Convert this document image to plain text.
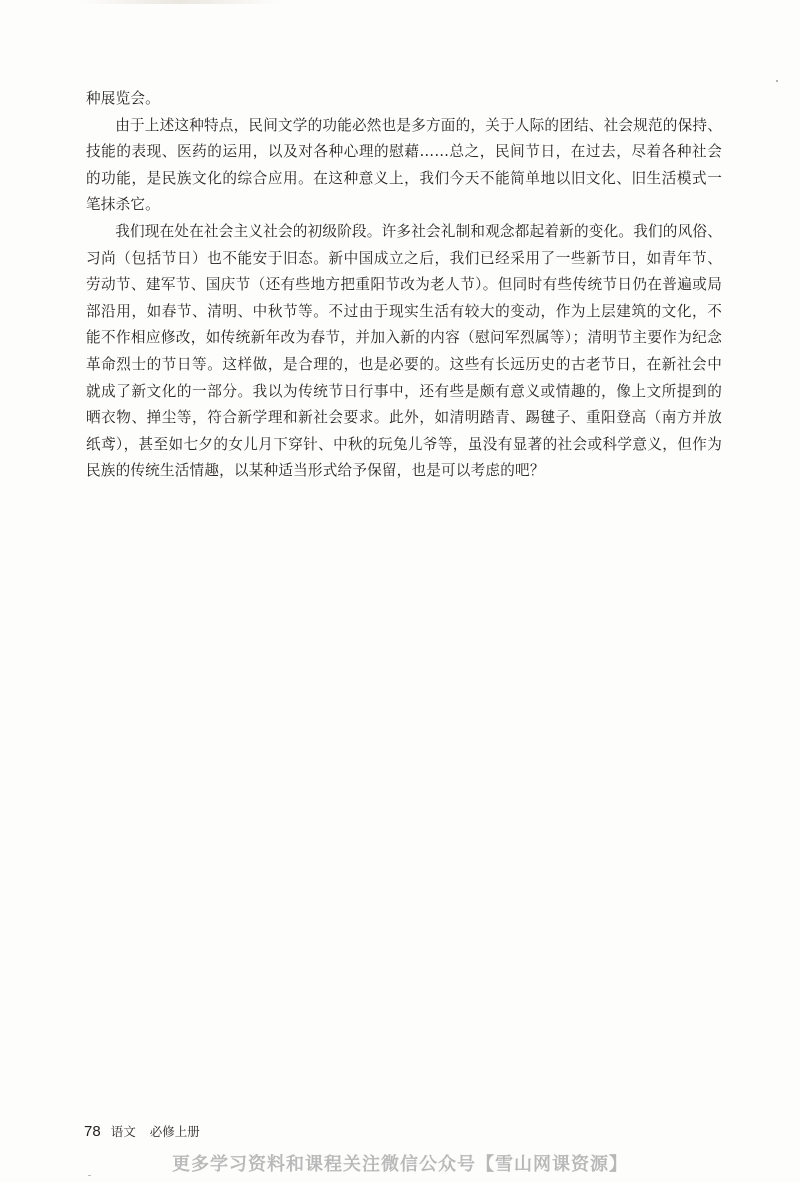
种展览会。

由于上述这种特点，民间文学的功能必然也是多方面的，关于人际的团结、社会规范的保持、技能的表现、医药的运用，以及对各种心理的慰藉……总之，民间节日，在过去，尽着各种社会的功能，是民族文化的综合应用。在这种意义上，我们今天不能简单地以旧文化、旧生活模式一笔抹杀它。

我们现在处在社会主义社会的初级阶段。许多社会礼制和观念都起着新的变化。我们的风俗、习尚（包括节日）也不能安于旧态。新中国成立之后，我们已经采用了一些新节日，如青年节、劳动节、建军节、国庆节（还有些地方把重阳节改为老人节）。但同时有些传统节日仍在普遍或局部沿用，如春节、清明、中秋节等。不过由于现实生活有较大的变动，作为上层建筑的文化，不能不作相应修改，如传统新年改为春节，并加入新的内容（慰问军烈属等）；清明节主要作为纪念革命烈士的节日等。这样做，是合理的，也是必要的。这些有长远历史的古老节日，在新社会中就成了新文化的一部分。我以为传统节日行事中，还有些是颇有意义或情趣的，像上文所提到的晒衣物、掸尘等，符合新学理和新社会要求。此外，如清明踏青、踢毽子、重阳登高（南方并放纸鸢），甚至如七夕的女儿月下穿针、中秋的玩兔儿爷等，虽没有显著的社会或科学意义，但作为民族的传统生活情趣，以某种适当形式给予保留，也是可以考虑的吧？

78 语文 必修上册
更多学习资料和课程关注微信公众号【雪山网课资源】
